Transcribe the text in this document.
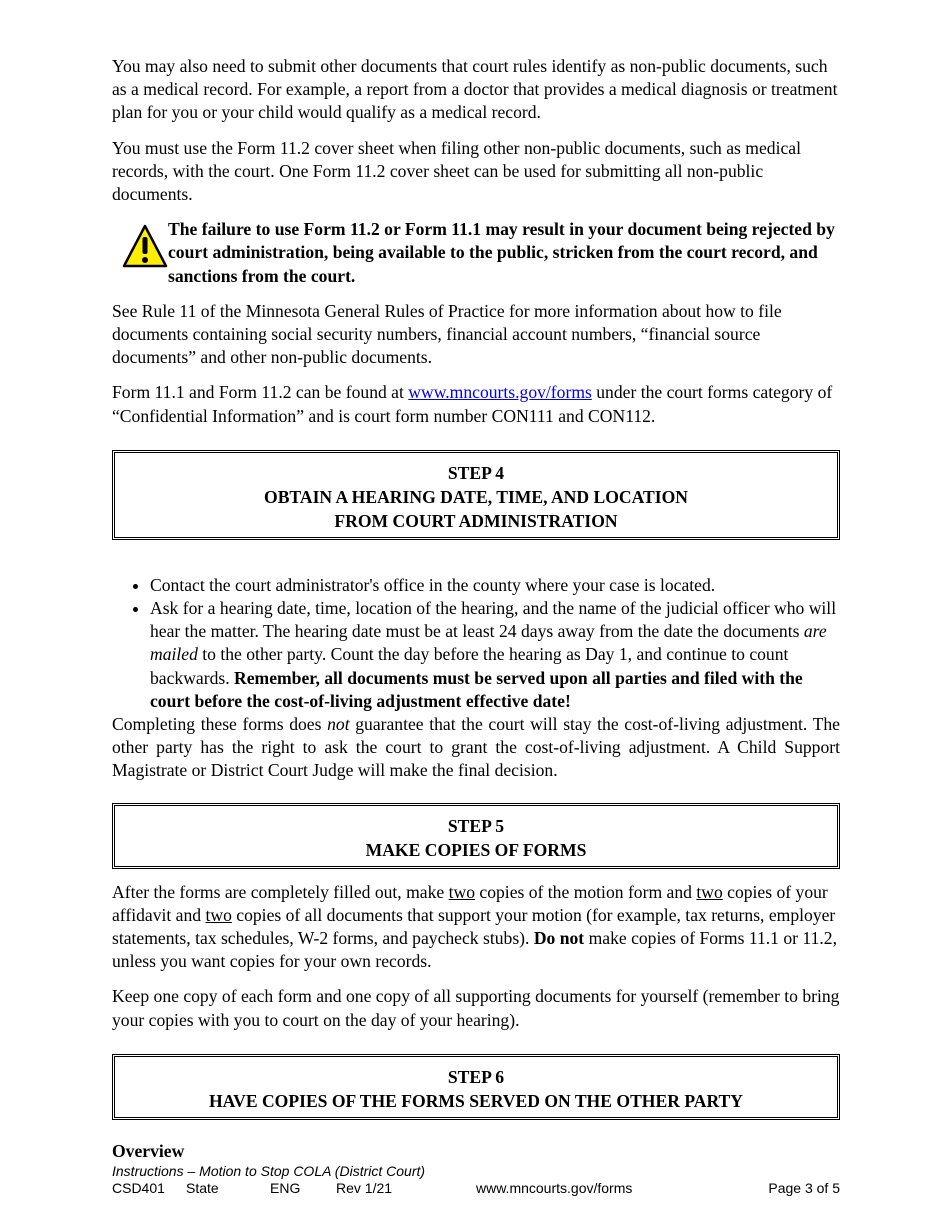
You may also need to submit other documents that court rules identify as non-public documents, such as a medical record. For example, a report from a doctor that provides a medical diagnosis or treatment plan for you or your child would qualify as a medical record.

You must use the Form 11.2 cover sheet when filing other non-public documents, such as medical records, with the court. One Form 11.2 cover sheet can be used for submitting all non-public documents.

The failure to use Form 11.2 or Form 11.1 may result in your document being rejected by court administration, being available to the public, stricken from the court record, and sanctions from the court.

See Rule 11 of the Minnesota General Rules of Practice for more information about how to file documents containing social security numbers, financial account numbers, “financial source documents” and other non-public documents.

Form 11.1 and Form 11.2 can be found at www.mncourts.gov/forms under the court forms category of “Confidential Information” and is court form number CON111 and CON112.

STEP 4
OBTAIN A HEARING DATE, TIME, AND LOCATION
FROM COURT ADMINISTRATION
• Contact the court administrator's office in the county where your case is located.
• Ask for a hearing date, time, location of the hearing, and the name of the judicial officer who will hear the matter. The hearing date must be at least 24 days away from the date the documents are mailed to the other party. Count the day before the hearing as Day 1, and continue to count backwards. Remember, all documents must be served upon all parties and filed with the court before the cost-of-living adjustment effective date!

Completing these forms does not guarantee that the court will stay the cost-of-living adjustment. The other party has the right to ask the court to grant the cost-of-living adjustment. A Child Support Magistrate or District Court Judge will make the final decision.

STEP 5
MAKE COPIES OF FORMS

After the forms are completely filled out, make two copies of the motion form and two copies of your affidavit and two copies of all documents that support your motion (for example, tax returns, employer statements, tax schedules, W-2 forms, and paycheck stubs). Do not make copies of Forms 11.1 or 11.2, unless you want copies for your own records.

Keep one copy of each form and one copy of all supporting documents for yourself (remember to bring your copies with you to court on the day of your hearing).

STEP 6
HAVE COPIES OF THE FORMS SERVED ON THE OTHER PARTY
Overview
Instructions – Motion to Stop COLA (District Court)
CSD401 State	ENG	Rev 1/21	www.mncourts.gov/forms	Page 3 of 5
